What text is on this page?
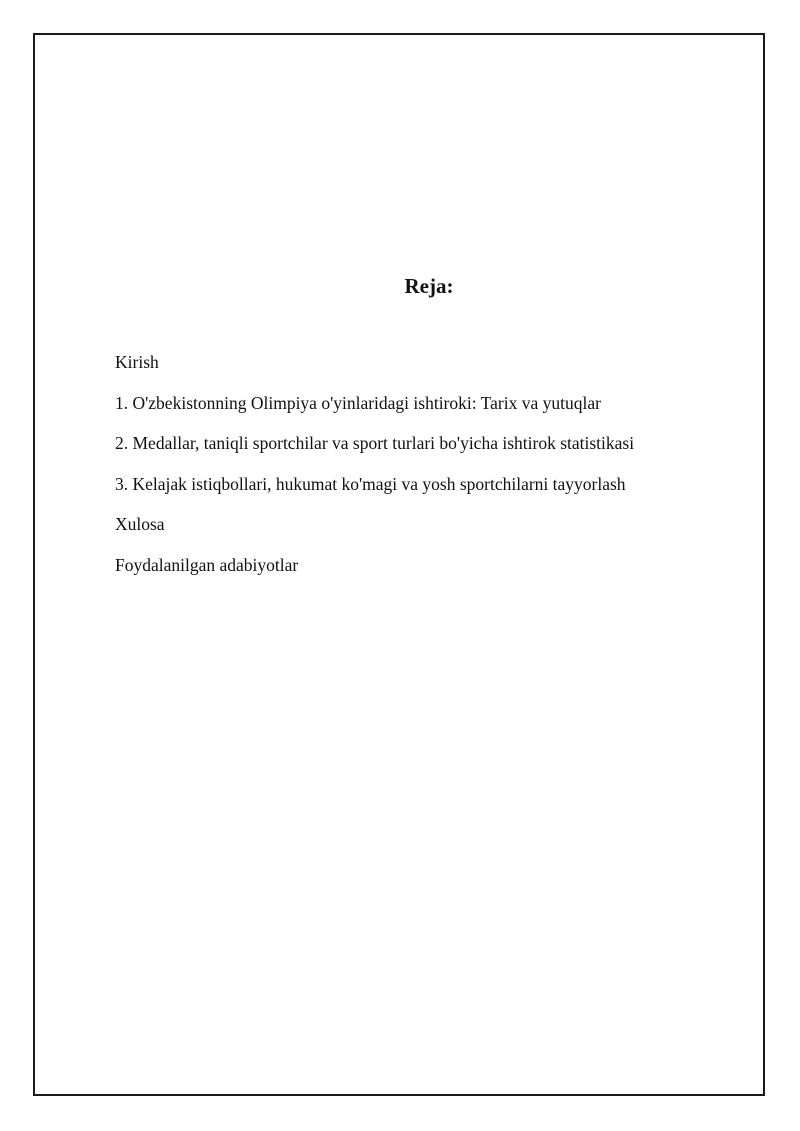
Reja:
Kirish
1. O'zbekistonning Olimpiya o'yinlaridagi ishtiroki: Tarix va yutuqlar
2. Medallar, taniqli sportchilar va sport turlari bo'yicha ishtirok statistikasi
3. Kelajak istiqbollari, hukumat ko'magi va yosh sportchilarni tayyorlash
Xulosa
Foydalanilgan adabiyotlar
